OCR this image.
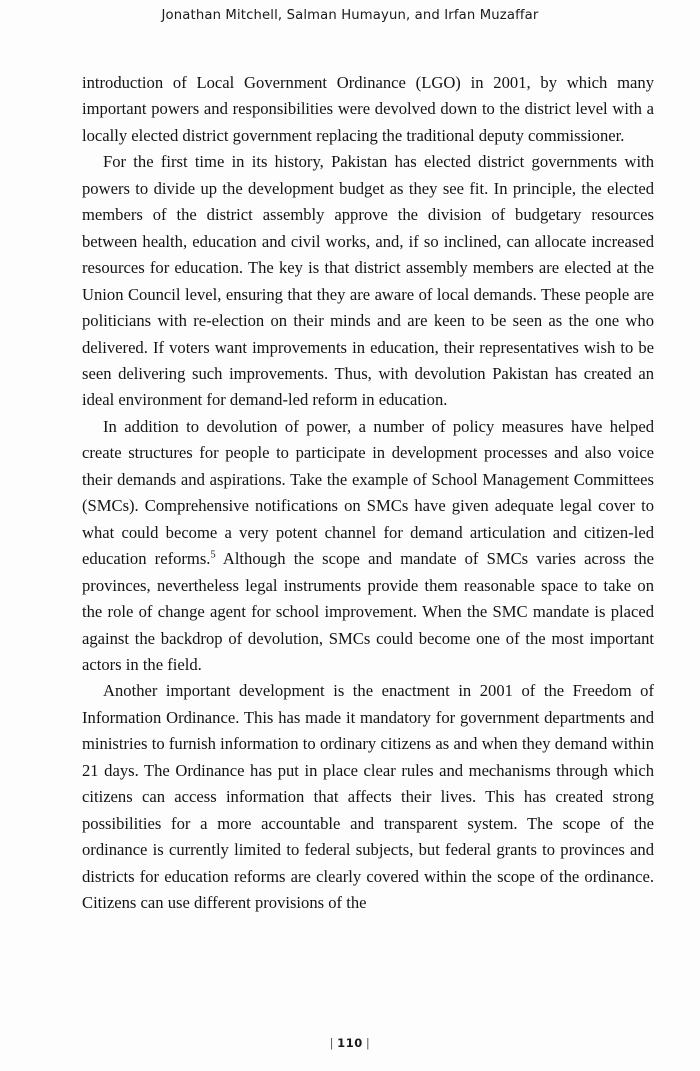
Jonathan Mitchell, Salman Humayun, and Irfan Muzaffar

introduction of Local Government Ordinance (LGO) in 2001, by which many important powers and responsibilities were devolved down to the district level with a locally elected district government replacing the traditional deputy commissioner.

For the first time in its history, Pakistan has elected district governments with powers to divide up the development budget as they see fit. In principle, the elected members of the district assembly approve the division of budgetary resources between health, education and civil works, and, if so inclined, can allocate increased resources for education. The key is that district assembly members are elected at the Union Council level, ensuring that they are aware of local demands. These people are politicians with re-election on their minds and are keen to be seen as the one who delivered. If voters want improvements in education, their representatives wish to be seen delivering such improvements. Thus, with devolution Pakistan has created an ideal environment for demand-led reform in education.

In addition to devolution of power, a number of policy measures have helped create structures for people to participate in development processes and also voice their demands and aspirations. Take the example of School Management Committees (SMCs). Comprehensive notifications on SMCs have given adequate legal cover to what could become a very potent channel for demand articulation and citizen-led education reforms.$^5$ Although the scope and mandate of SMCs varies across the provinces, nevertheless legal instruments provide them reasonable space to take on the role of change agent for school improvement. When the SMC mandate is placed against the backdrop of devolution, SMCs could become one of the most important actors in the field.

Another important development is the enactment in 2001 of the Freedom of Information Ordinance. This has made it mandatory for government departments and ministries to furnish information to ordinary citizens as and when they demand within 21 days. The Ordinance has put in place clear rules and mechanisms through which citizens can access information that affects their lives. This has created strong possibilities for a more accountable and transparent system. The scope of the ordinance is currently limited to federal subjects, but federal grants to provinces and districts for education reforms are clearly covered within the scope of the ordinance. Citizens can use different provisions of the

| 110 |
